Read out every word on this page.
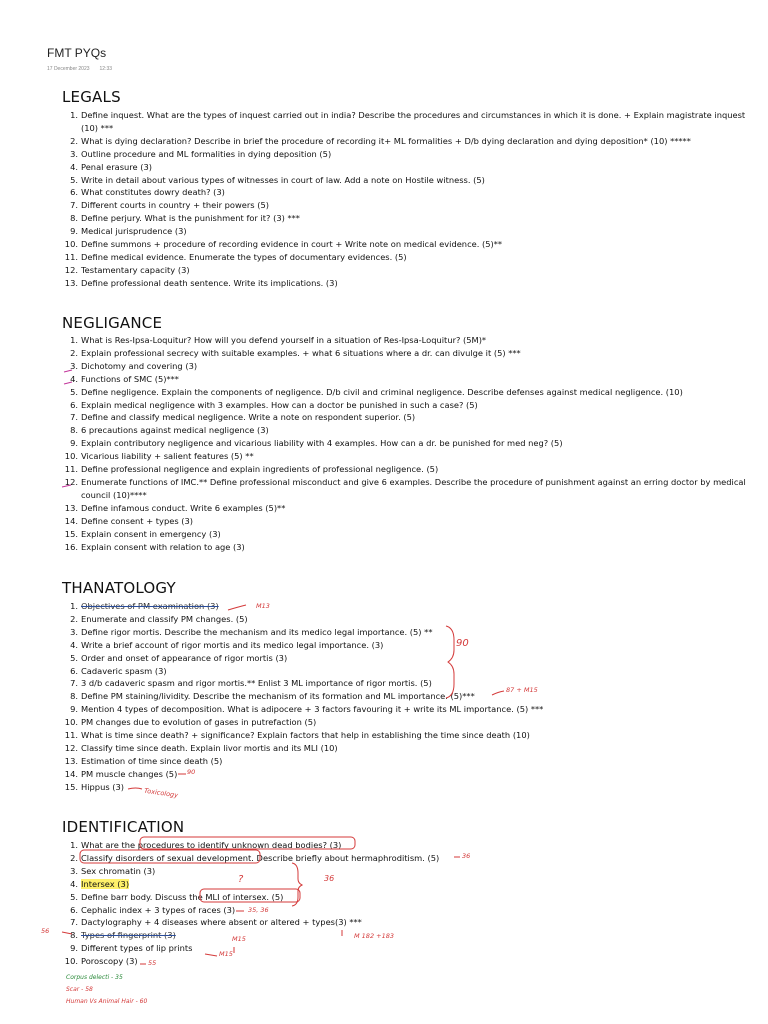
FMT PYQs
17 December 2023 12:33
LEGALS
1. Define inquest. What are the types of inquest carried out in india? Describe the procedures and circumstances in which it is done. + Explain magistrate inquest (10) ***
2. What is dying declaration? Describe in brief the procedure of recording it+ ML formalities + D/b dying declaration and dying deposition* (10) *****
3. Outline procedure and ML formalities in dying deposition (5)
4. Penal erasure (3)
5. Write in detail about various types of witnesses in court of law. Add a note on Hostile witness. (5)
6. What constitutes dowry death? (3)
7. Different courts in country + their powers (5)
8. Define perjury. What is the punishment for it? (3) ***
9. Medical jurisprudence (3)
10. Define summons + procedure of recording evidence in court + Write note on medical evidence. (5)**
11. Define medical evidence. Enumerate the types of documentary evidences. (5)
12. Testamentary capacity (3)
13. Define professional death sentence. Write its implications. (3)
NEGLIGANCE
1. What is Res-Ipsa-Loquitur? How will you defend yourself in a situation of Res-Ipsa-Loquitur? (5M)*
2. Explain professional secrecy with suitable examples. + what 6 situations where a dr. can divulge it (5) ***
3. Dichotomy and covering (3)
4. Functions of SMC (5)***
5. Define negligence. Explain the components of negligence. D/b civil and criminal negligence. Describe defenses against medical negligence. (10)
6. Explain medical negligence with 3 examples. How can a doctor be punished in such a case? (5)
7. Define and classify medical negligence. Write a note on respondent superior. (5)
8. 6 precautions against medical negligence (3)
9. Explain contributory negligence and vicarious liability with 4 examples. How can a dr. be punished for med neg? (5)
10. Vicarious liability + salient features (5) **
11. Define professional negligence and explain ingredients of professional negligence. (5)
12. Enumerate functions of IMC.** Define professional misconduct and give 6 examples. Describe the procedure of punishment against an erring doctor by medical council (10)****
13. Define infamous conduct. Write 6 examples (5)**
14. Define consent + types (3)
15. Explain consent in emergency (3)
16. Explain consent with relation to age (3)
THANATOLOGY
1. Objectives of PM examination (3)
2. Enumerate and classify PM changes. (5)
3. Define rigor mortis. Describe the mechanism and its medico legal importance. (5) **
4. Write a brief account of rigor mortis and its medico legal importance. (3)
5. Order and onset of appearance of rigor mortis (3)
6. Cadaveric spasm (3)
7. 3 d/b cadaveric spasm and rigor mortis.** Enlist 3 ML importance of rigor mortis. (5)
8. Define PM staining/lividity. Describe the mechanism of its formation and ML importance. (5)***
9. Mention 4 types of decomposition. What is adipocere + 3 factors favouring it + write its ML importance. (5) ***
10. PM changes due to evolution of gases in putrefaction (5)
11. What is time since death? + significance? Explain factors that help in establishing the time since death (10)
12. Classify time since death. Explain livor mortis and its MLI (10)
13. Estimation of time since death (5)
14. PM muscle changes (5)
15. Hippus (3)
IDENTIFICATION
1. What are the procedures to identify unknown dead bodies? (3)
2. Classify disorders of sexual development. Describe briefly about hermaphroditism. (5)
3. Sex chromatin (3)
4. Intersex (3)
5. Define barr body. Discuss the MLI of intersex. (5)
6. Cephalic index + 3 types of races (3)
7. Dactylography + 4 diseases where absent or altered + types(3) ***
8. Types of fingerprint (3)
9. Different types of lip prints
10. Poroscopy (3)
M13
90
87 + M15
90
Toxicology
36
36
?
35, 36
M 182 +183
56
M15
M15
55
Corpus delecti - 35
Scar - 58
Human Vs Animal Hair - 60
